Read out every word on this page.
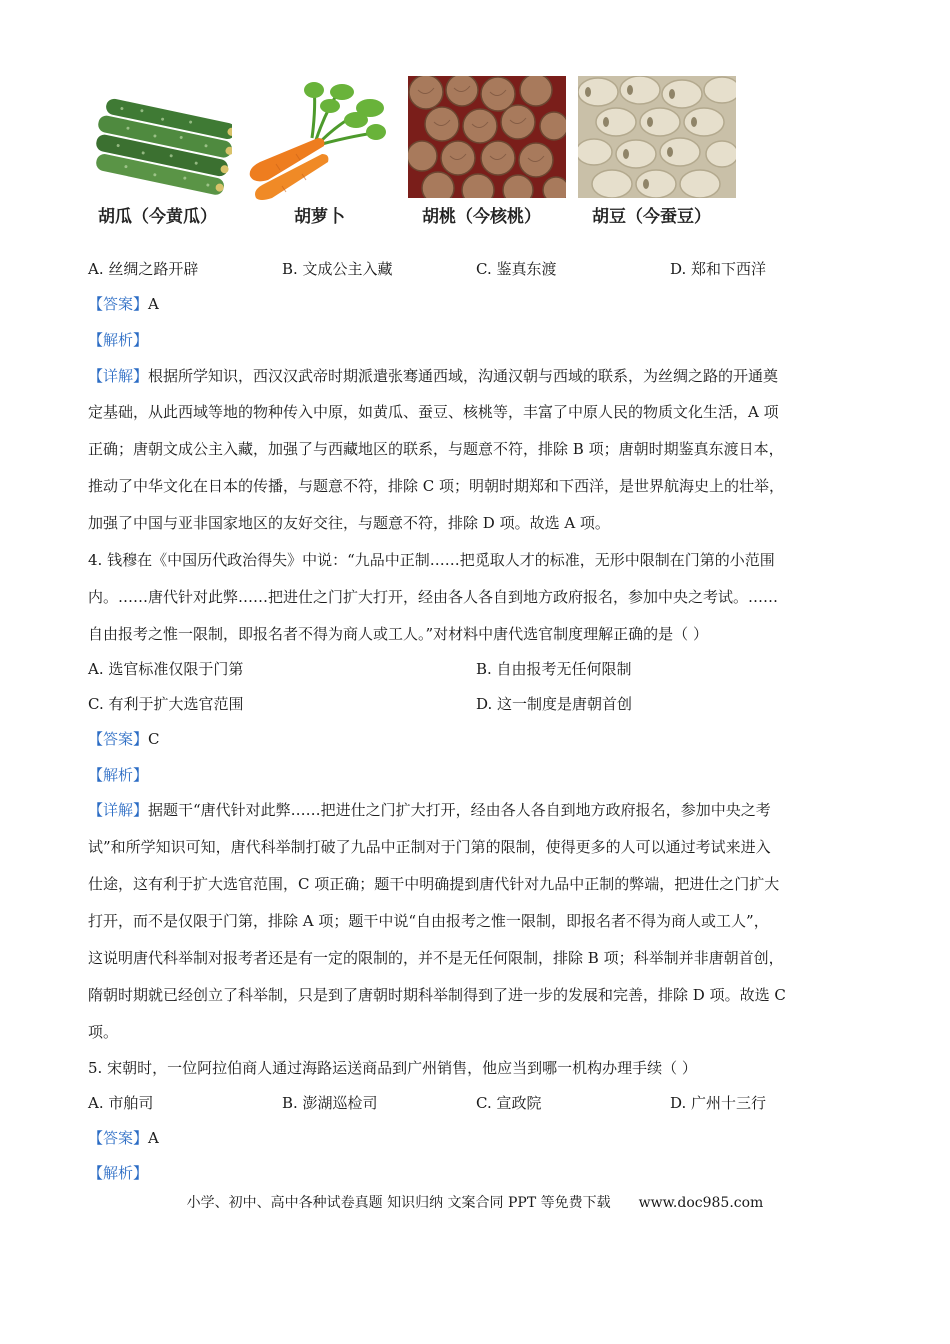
胡瓜（今黄瓜）	胡萝卜	胡桃（今核桃）	胡豆（今蚕豆）
A. 丝绸之路开辟	B. 文成公主入藏	C. 鉴真东渡	D. 郑和下西洋
【答案】A
【解析】
【详解】根据所学知识，西汉汉武帝时期派遣张骞通西域，沟通汉朝与西域的联系，为丝绸之路的开通奠
定基础，从此西域等地的物种传入中原，如黄瓜、蚕豆、核桃等，丰富了中原人民的物质文化生活，A 项
正确；唐朝文成公主入藏，加强了与西藏地区的联系，与题意不符，排除 B 项；唐朝时期鉴真东渡日本，
推动了中华文化在日本的传播，与题意不符，排除 C 项；明朝时期郑和下西洋，是世界航海史上的壮举，
加强了中国与亚非国家地区的友好交往，与题意不符，排除 D 项。故选 A 项。
4. 钱穆在《中国历代政治得失》中说：“九品中正制……把觅取人才的标准，无形中限制在门第的小范围
内。……唐代针对此弊……把进仕之门扩大打开，经由各人各自到地方政府报名，参加中央之考试。……
自由报考之惟一限制，即报名者不得为商人或工人。”对材料中唐代选官制度理解正确的是（ ）
A. 选官标准仅限于门第	B. 自由报考无任何限制
C. 有利于扩大选官范围	D. 这一制度是唐朝首创
【答案】C
【解析】
【详解】据题干“唐代针对此弊……把进仕之门扩大打开，经由各人各自到地方政府报名，参加中央之考
试”和所学知识可知，唐代科举制打破了九品中正制对于门第的限制，使得更多的人可以通过考试来进入
仕途，这有利于扩大选官范围，C 项正确；题干中明确提到唐代针对九品中正制的弊端，把进仕之门扩大
打开，而不是仅限于门第，排除 A 项；题干中说“自由报考之惟一限制，即报名者不得为商人或工人”，
这说明唐代科举制对报考者还是有一定的限制的，并不是无任何限制，排除 B 项；科举制并非唐朝首创，
隋朝时期就已经创立了科举制，只是到了唐朝时期科举制得到了进一步的发展和完善，排除 D 项。故选 C
项。
5. 宋朝时，一位阿拉伯商人通过海路运送商品到广州销售，他应当到哪一机构办理手续（ ）
A. 市舶司	B. 澎湖巡检司	C. 宣政院	D. 广州十三行
【答案】A
【解析】
小学、初中、高中各种试卷真题 知识归纳 文案合同 PPT 等免费下载 www.doc985.com
